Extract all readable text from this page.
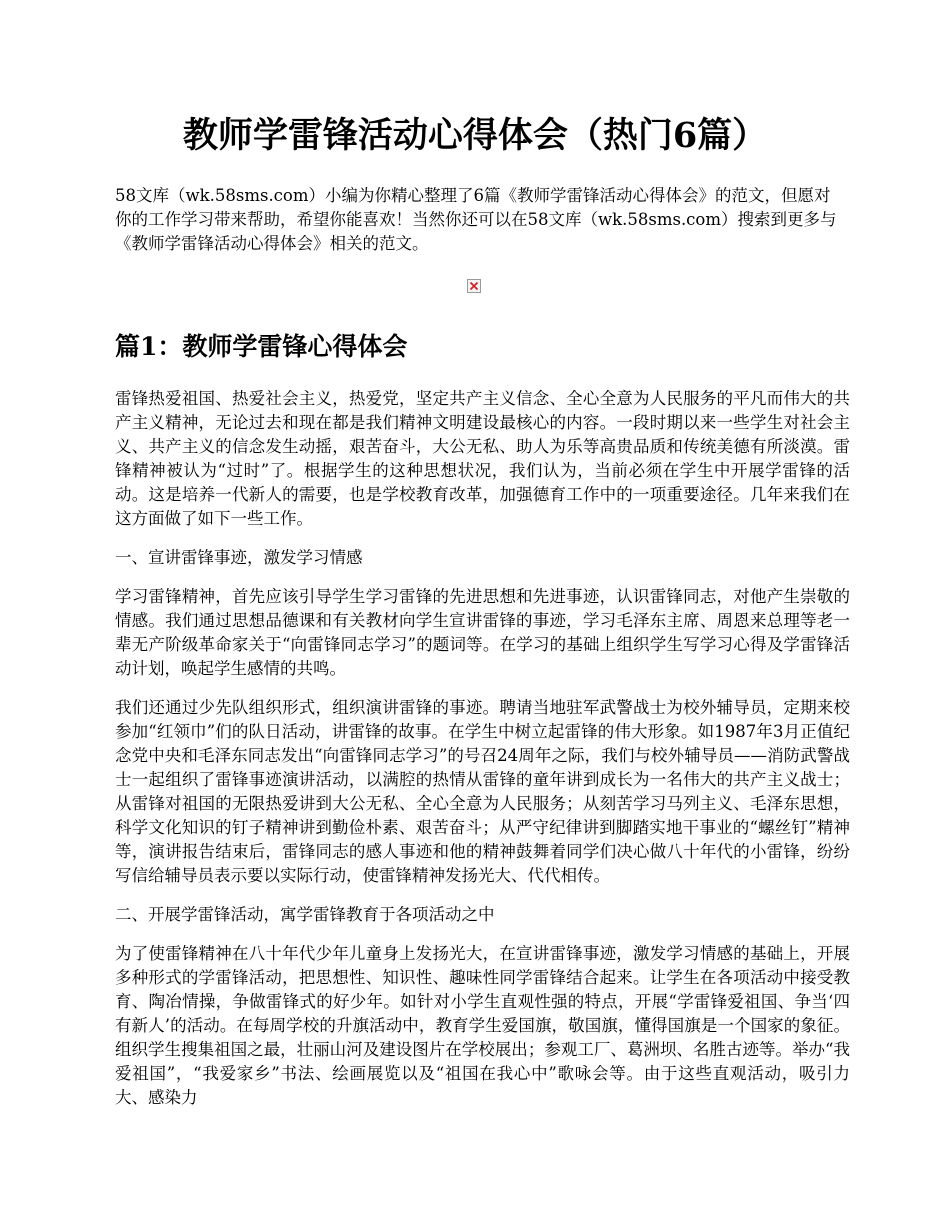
教师学雷锋活动心得体会（热门6篇）

58文库（wk.58sms.com）小编为你精心整理了6篇《教师学雷锋活动心得体会》的范文，但愿对你的工作学习带来帮助，希望你能喜欢！当然你还可以在58文库（wk.58sms.com）搜索到更多与《教师学雷锋活动心得体会》相关的范文。

篇1：教师学雷锋心得体会

雷锋热爱祖国、热爱社会主义，热爱党，坚定共产主义信念、全心全意为人民服务的平凡而伟大的共产主义精神，无论过去和现在都是我们精神文明建设最核心的内容。一段时期以来一些学生对社会主义、共产主义的信念发生动摇，艰苦奋斗，大公无私、助人为乐等高贵品质和传统美德有所淡漠。雷锋精神被认为“过时”了。根据学生的这种思想状况，我们认为，当前必须在学生中开展学雷锋的活动。这是培养一代新人的需要，也是学校教育改革，加强德育工作中的一项重要途径。几年来我们在这方面做了如下一些工作。

一、宣讲雷锋事迹，激发学习情感

学习雷锋精神，首先应该引导学生学习雷锋的先进思想和先进事迹，认识雷锋同志，对他产生崇敬的情感。我们通过思想品德课和有关教材向学生宣讲雷锋的事迹，学习毛泽东主席、周恩来总理等老一辈无产阶级革命家关于“向雷锋同志学习”的题词等。在学习的基础上组织学生写学习心得及学雷锋活动计划，唤起学生感情的共鸣。

我们还通过少先队组织形式，组织演讲雷锋的事迹。聘请当地驻军武警战士为校外辅导员，定期来校参加“红领巾”们的队日活动，讲雷锋的故事。在学生中树立起雷锋的伟大形象。如1987年3月正值纪念党中央和毛泽东同志发出“向雷锋同志学习”的号召24周年之际，我们与校外辅导员——消防武警战士一起组织了雷锋事迹演讲活动，以满腔的热情从雷锋的童年讲到成长为一名伟大的共产主义战士；从雷锋对祖国的无限热爱讲到大公无私、全心全意为人民服务；从刻苦学习马列主义、毛泽东思想，科学文化知识的钉子精神讲到勤俭朴素、艰苦奋斗；从严守纪律讲到脚踏实地干事业的“螺丝钉”精神等，演讲报告结束后，雷锋同志的感人事迹和他的精神鼓舞着同学们决心做八十年代的小雷锋，纷纷写信给辅导员表示要以实际行动，使雷锋精神发扬光大、代代相传。

二、开展学雷锋活动，寓学雷锋教育于各项活动之中

为了使雷锋精神在八十年代少年儿童身上发扬光大，在宣讲雷锋事迹，激发学习情感的基础上，开展多种形式的学雷锋活动，把思想性、知识性、趣味性同学雷锋结合起来。让学生在各项活动中接受教育、陶冶情操，争做雷锋式的好少年。如针对小学生直观性强的特点，开展“学雷锋爱祖国、争当‘四有新人’的活动。在每周学校的升旗活动中，教育学生爱国旗，敬国旗，懂得国旗是一个国家的象征。组织学生搜集祖国之最，壮丽山河及建设图片在学校展出；参观工厂、葛洲坝、名胜古迹等。举办“我爱祖国”，“我爱家乡”书法、绘画展览以及“祖国在我心中”歌咏会等。由于这些直观活动，吸引力大、感染力
